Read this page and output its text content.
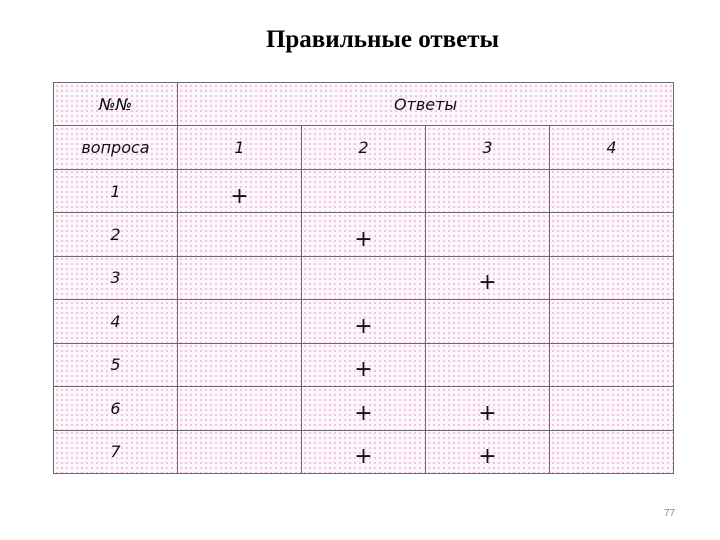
Правильные ответы
№№	Ответы			
вопроса	1	2	3	4
1	+			
2		+		
3			+	
4		+		
5		+		
6		+	+	
7		+	+	
77
